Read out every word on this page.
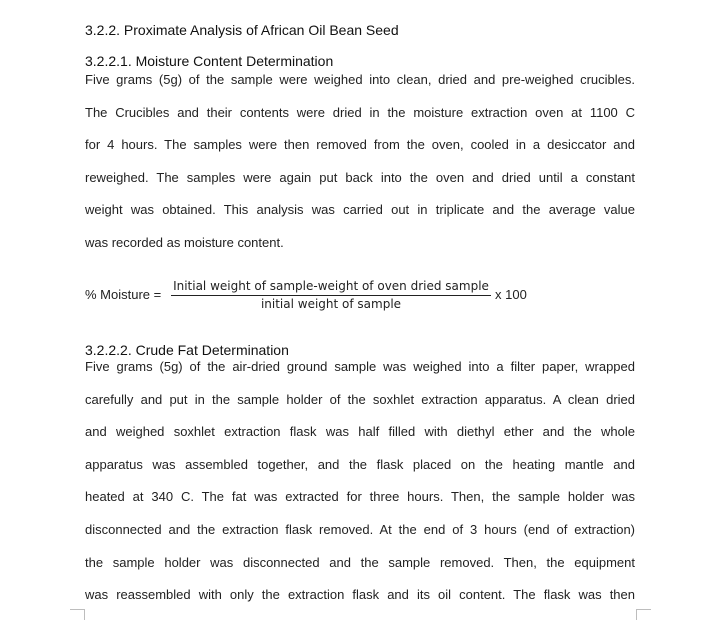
3.2.2. Proximate Analysis of African Oil Bean Seed
3.2.2.1. Moisture Content Determination
Five grams (5g) of the sample were weighed into clean, dried and pre-weighed crucibles.
The Crucibles and their contents were dried in the moisture extraction oven at 1100 C
for 4 hours. The samples were then removed from the oven, cooled in a desiccator and
reweighed. The samples were again put back into the oven and dried until a constant
weight was obtained. This analysis was carried out in triplicate and the average value
was recorded as moisture content.
% Moisture =
Initial weight of sample-weight of oven dried sample
initial weight of sample
x 100
3.2.2.2. Crude Fat Determination
Five grams (5g) of the air-dried ground sample was weighed into a filter paper, wrapped
carefully and put in the sample holder of the soxhlet extraction apparatus. A clean dried
and weighed soxhlet extraction flask was half filled with diethyl ether and the whole
apparatus was assembled together, and the flask placed on the heating mantle and
heated at 340 C. The fat was extracted for three hours. Then, the sample holder was
disconnected and the extraction flask removed. At the end of 3 hours (end of extraction)
the sample holder was disconnected and the sample removed. Then, the equipment
was reassembled with only the extraction flask and its oil content. The flask was then
